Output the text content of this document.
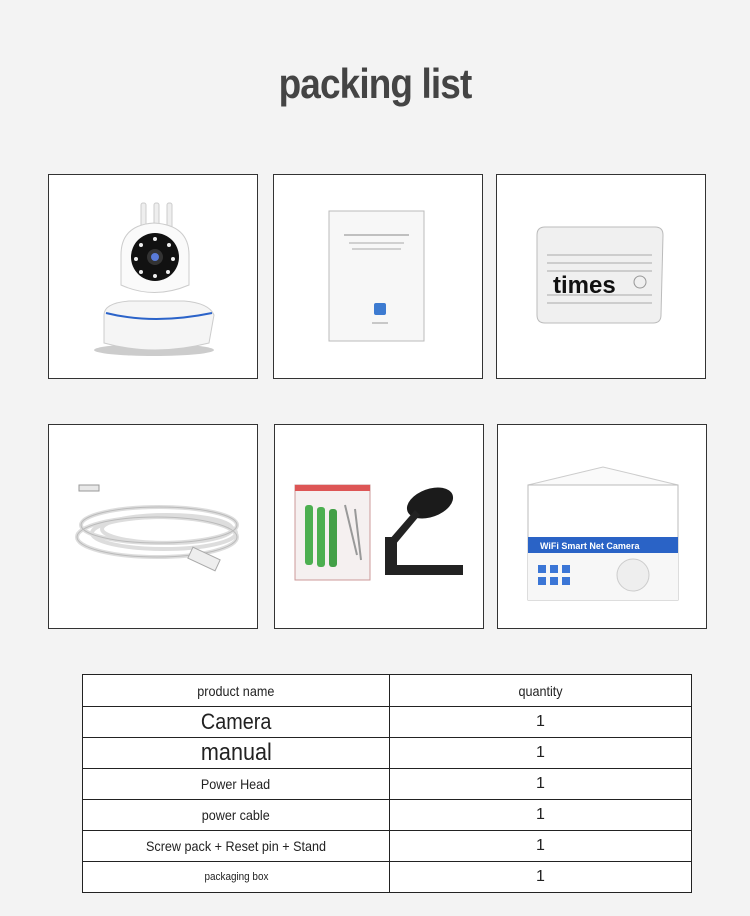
packing list
times
WiFi Smart Net Camera
product name	quantity
Camera	1
manual	1
Power Head	1
power cable	1
Screw pack + Reset pin + Stand	1
packaging box	1
